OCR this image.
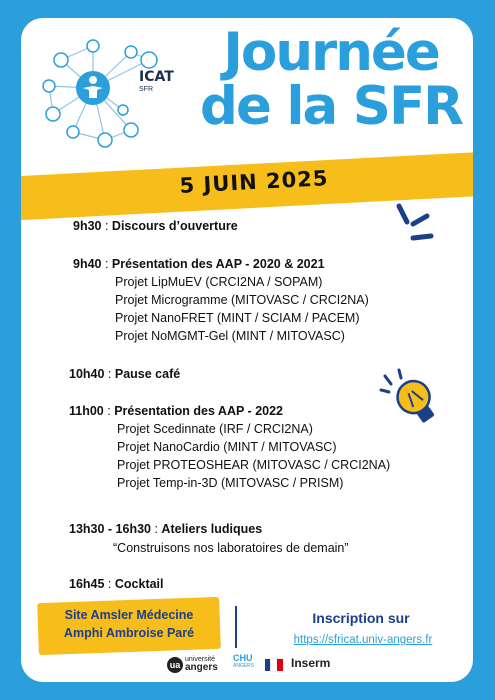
ICAT
SFR
Journée
de la SFR
5 JUIN 2025
9h30 : Discours d’ouverture
9h40 : Présentation des AAP - 2020 & 2021
Projet LipMuEV (CRCI2NA / SOPAM)
Projet Microgramme (MITOVASC / CRCI2NA)
Projet NanoFRET (MINT / SCIAM / PACEM)
Projet NoMGMT-Gel (MINT / MITOVASC)
10h40 : Pause café
11h00 : Présentation des AAP - 2022
Projet Scedinnate (IRF / CRCI2NA)
Projet NanoCardio (MINT / MITOVASC)
Projet PROTEOSHEAR (MITOVASC / CRCI2NA)
Projet Temp-in-3D (MITOVASC / PRISM)
13h30 - 16h30 : Ateliers ludiques
“Construisons nos laboratoires de demain”
16h45 : Cocktail
Site Amsler Médecine
Amphi Ambroise Paré
Inscription sur
https://sfricat.univ-angers.fr
ua université
angers
CHU
ANGERS	Inserm
